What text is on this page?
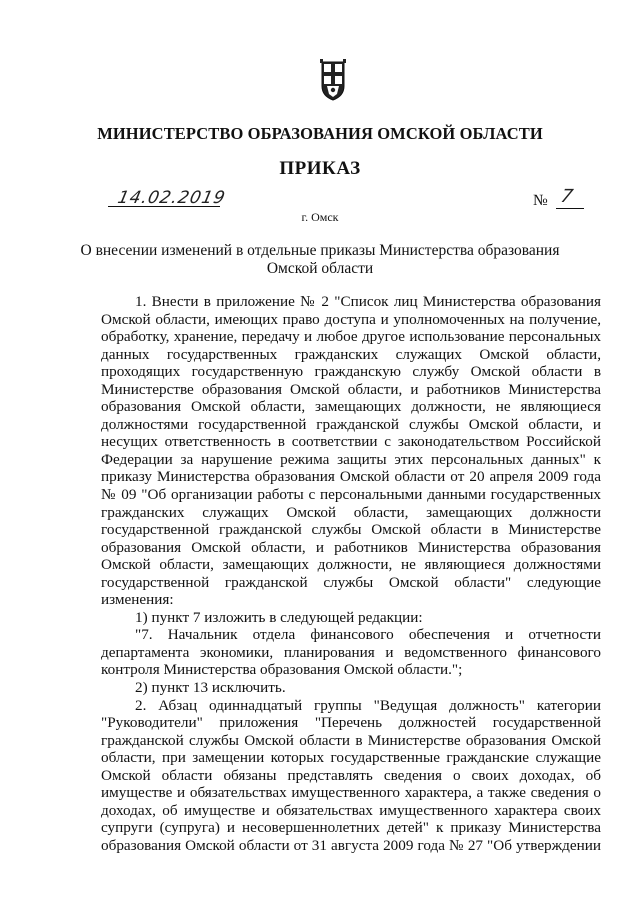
МИНИСТЕРСТВО ОБРАЗОВАНИЯ ОМСКОЙ ОБЛАСТИ
ПРИКАЗ
14.02.2019	№ 7
г. Омск
О внесении изменений в отдельные приказы Министерства образования
Омской области
1. Внести в приложение № 2 "Список лиц Министерства образования
Омской области, имеющих право доступа и уполномоченных на получение,
обработку, хранение, передачу и любое другое использование персональных
данных государственных гражданских служащих Омской области,
проходящих государственную гражданскую службу Омской области в
Министерстве образования Омской области, и работников Министерства
образования Омской области, замещающих должности, не являющиеся
должностями государственной гражданской службы Омской области, и
несущих ответственность в соответствии с законодательством Российской
Федерации за нарушение режима защиты этих персональных данных" к
приказу Министерства образования Омской области от 20 апреля 2009 года
№ 09 "Об организации работы с персональными данными государственных
гражданских служащих Омской области, замещающих должности
государственной гражданской службы Омской области в Министерстве
образования Омской области, и работников Министерства образования
Омской области, замещающих должности, не являющиеся должностями
государственной гражданской службы Омской области" следующие
изменения:
1) пункт 7 изложить в следующей редакции:
"7. Начальник отдела финансового обеспечения и отчетности
департамента экономики, планирования и ведомственного финансового
контроля Министерства образования Омской области.";
2) пункт 13 исключить.
2. Абзац одиннадцатый группы "Ведущая должность" категории
"Руководители" приложения "Перечень должностей государственной
гражданской службы Омской области в Министерстве образования Омской
области, при замещении которых государственные гражданские служащие
Омской области обязаны представлять сведения о своих доходах, об
имуществе и обязательствах имущественного характера, а также сведения о
доходах, об имуществе и обязательствах имущественного характера своих
супруги (супруга) и несовершеннолетних детей" к приказу Министерства
образования Омской области от 31 августа 2009 года № 27 "Об утверждении
